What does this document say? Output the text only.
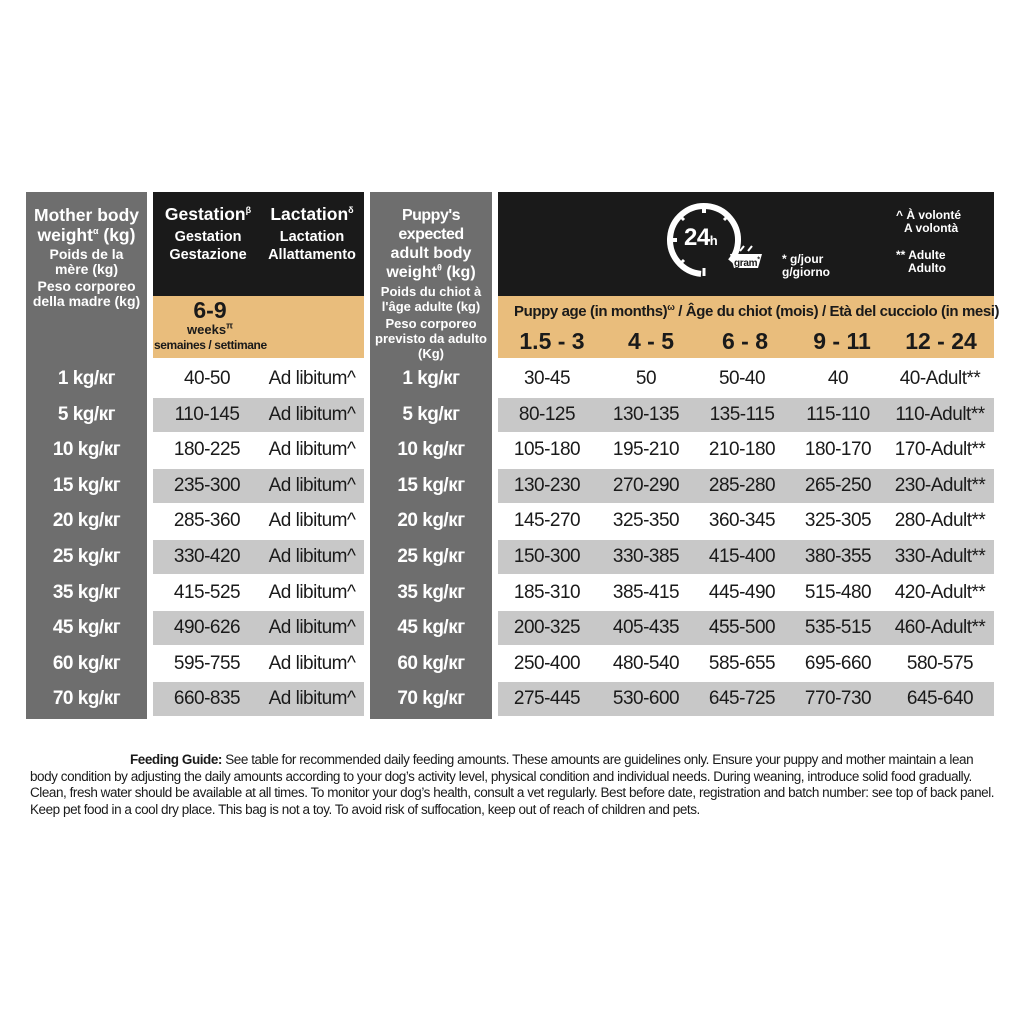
Mother body
weight$^\alpha$ (kg)
Poids de la mère (kg)
Peso corporeo della madre (kg)
Gestation$^\beta$
Gestation
Gestazione
Lactation$^\delta$
Lactation
Allattamento
6-9
weeks$^\pi$
semaines / settimane
Puppy's expected
adult body
weight$^\theta$ (kg)
Poids du chiot à l'âge adulte (kg)
Peso corporeo previsto da adulto (Kg)
24h
gram* * g/jour
g/giorno
^ À volonté
A volontà
** Adulte
Adulto
Puppy age (in months)$^\omega$ / Âge du chiot (mois) / Età del cucciolo (in mesi)
1.5 - 3	4 - 5	6 - 8	9 - 11	12 - 24
1 kg/кг	40-50	Ad libitum^	1 kg/кг	30-45	50	50-40	40	40-Adult**
5 kg/кг	110-145	Ad libitum^	5 kg/кг	80-125	130-135	135-115	115-110	110-Adult**
10 kg/кг	180-225	Ad libitum^	10 kg/кг	105-180	195-210	210-180	180-170	170-Adult**
15 kg/кг	235-300	Ad libitum^	15 kg/кг	130-230	270-290	285-280	265-250	230-Adult**
20 kg/кг	285-360	Ad libitum^	20 kg/кг	145-270	325-350	360-345	325-305	280-Adult**
25 kg/кг	330-420	Ad libitum^	25 kg/кг	150-300	330-385	415-400	380-355	330-Adult**
35 kg/кг	415-525	Ad libitum^	35 kg/кг	185-310	385-415	445-490	515-480	420-Adult**
45 kg/кг	490-626	Ad libitum^	45 kg/кг	200-325	405-435	455-500	535-515	460-Adult**
60 kg/кг	595-755	Ad libitum^	60 kg/кг	250-400	480-540	585-655	695-660	580-575
70 kg/кг	660-835	Ad libitum^	70 kg/кг	275-445	530-600	645-725	770-730	645-640
Feeding Guide: See table for recommended daily feeding amounts. These amounts are guidelines only. Ensure your puppy and mother maintain a lean body condition by adjusting the daily amounts according to your dog’s activity level, physical condition and individual needs. During weaning, introduce solid food gradually. Clean, fresh water should be available at all times. To monitor your dog’s health, consult a vet regularly. Best before date, registration and batch number: see top of back panel. Keep pet food in a cool dry place. This bag is not a toy. To avoid risk of suffocation, keep out of reach of children and pets.
